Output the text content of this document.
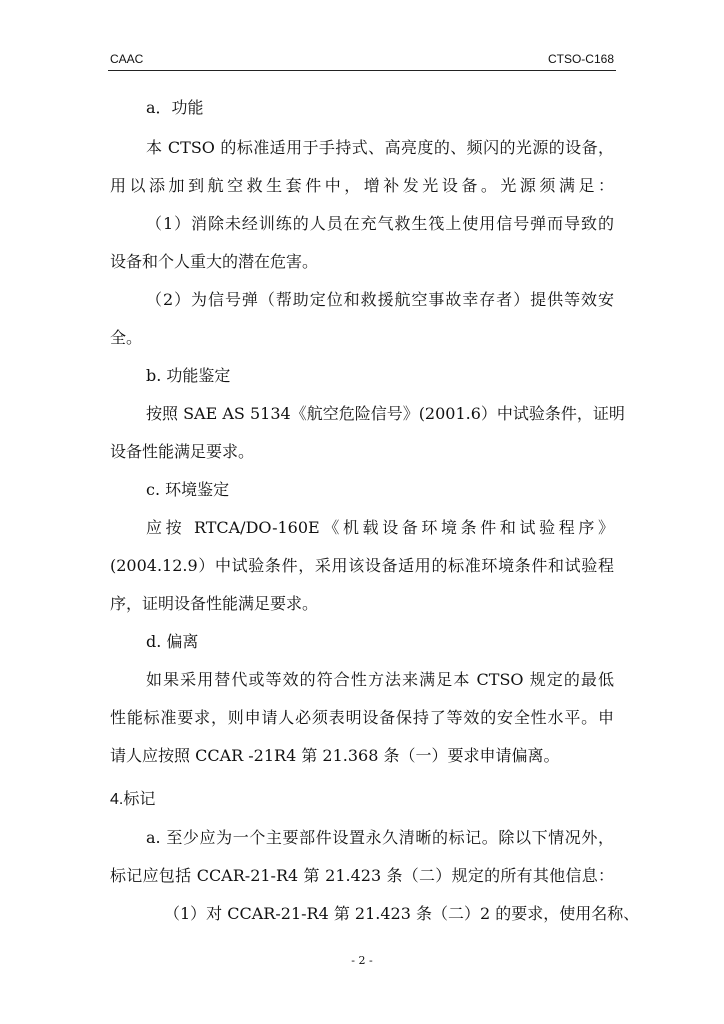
CAAC	CTSO-C168
a．功能
本 CTSO 的标准适用于手持式、高亮度的、频闪的光源的设备，
用以添加到航空救生套件中，增补发光设备。光源须满足：
（1）消除未经训练的人员在充气救生筏上使用信号弹而导致的
设备和个人重大的潜在危害。
（2）为信号弹（帮助定位和救援航空事故幸存者）提供等效安
全。
b. 功能鉴定
按照 SAE AS 5134《航空危险信号》(2001.6）中试验条件，证明
设备性能满足要求。
c. 环境鉴定
应按 RTCA/DO-160E《机载设备环境条件和试验程序》
(2004.12.9）中试验条件，采用该设备适用的标准环境条件和试验程
序，证明设备性能满足要求。
d. 偏离
如果采用替代或等效的符合性方法来满足本 CTSO 规定的最低
性能标准要求，则申请人必须表明设备保持了等效的安全性水平。申
请人应按照 CCAR -21R4 第 21.368 条（一）要求申请偏离。
4.标记
a. 至少应为一个主要部件设置永久清晰的标记。除以下情况外，
标记应包括 CCAR-21-R4 第 21.423 条（二）规定的所有其他信息：
（1）对 CCAR-21-R4 第 21.423 条（二）2 的要求，使用名称、
- 2 -
